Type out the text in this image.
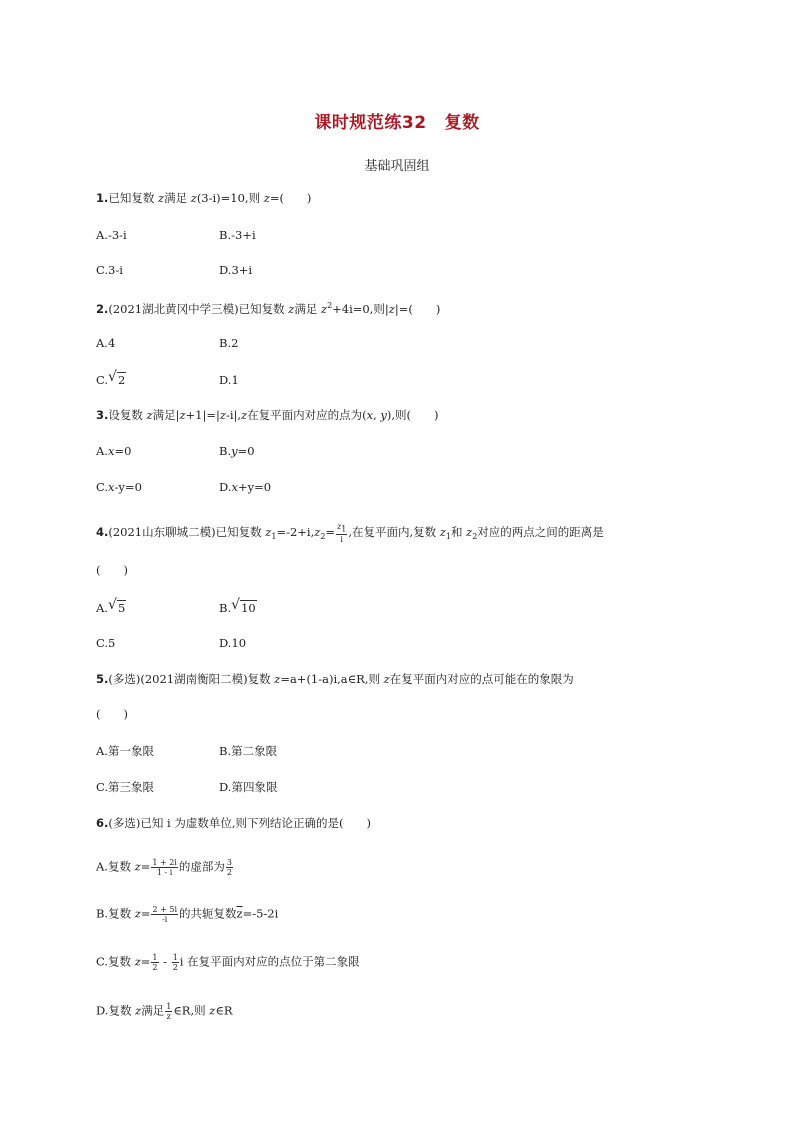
课时规范练32 复数
基础巩固组
1.已知复数 z满足 z(3-i)=10,则 z=(　　)
A.-3-i	B.-3+i
C.3-i	D.3+i
2.(2021湖北黄冈中学三模)已知复数 z满足 $z^2+4i=0$,则|z|=(　　)
A.4	B.2
C. √ 2	D.1
3.设复数 z满足|z+1|=|z-i|,z在复平面内对应的点为(x, y),则(　　)
A.x=0	B.y=0
C.x-y=0	D.x+y=0
4.(2021山东聊城二模)已知复数 $z_1=-2+i,z_2= \frac{z_1}{i}$ ,在复平面内,复数 $z_1$和 $z_2$对应的两点之间的距离是
(　　)
A. √ 5	B. √ 10
C.5	D.10
5.(多选)(2021湖南衡阳二模)复数 z=a+(1-a)i,a∈R,则 z在复平面内对应的点可能在的象限为
(　　)
A.第一象限	B.第二象限
C.第三象限	D.第四象限
6.(多选)已知 i 为虚数单位,则下列结论正确的是(　　)
A.复数 $z= \frac{1 + 2i}{1 - i}$ 的虚部为 $\frac{3}{2}$
B.复数 $z= \frac{2 + 5i}{-i}$ 的共轭复数$\overline{z}=-5-2i$
C.复数 $z= \frac{1}{2} - \frac{1}{2}$ i 在复平面内对应的点位于第二象限
D.复数 z满足 $\frac{1}{z}$ ∈R,则 z∈R
